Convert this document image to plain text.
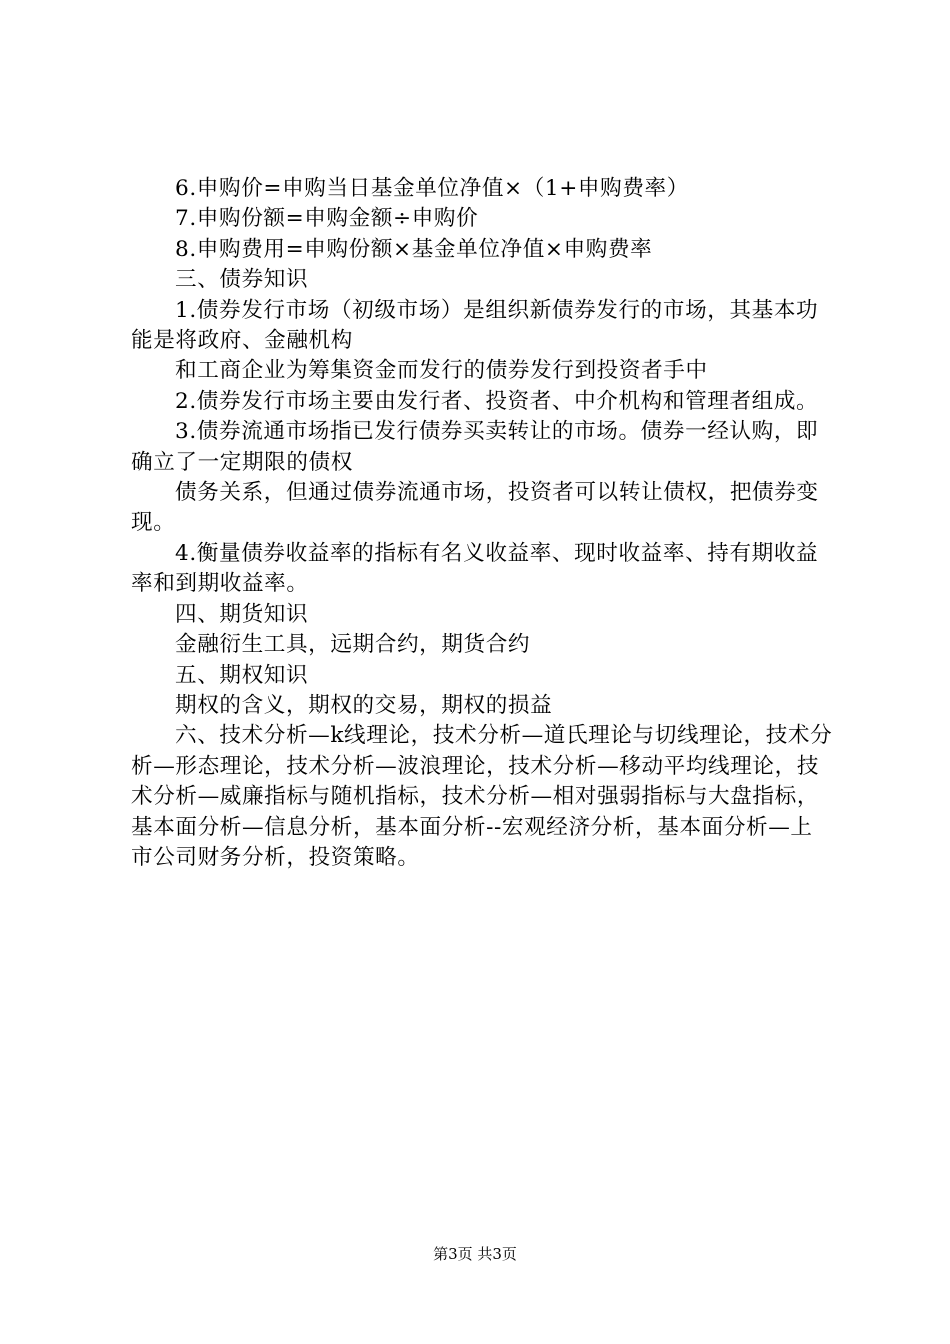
6.申购价=申购当日基金单位净值×（1+申购费率）

7.申购份额=申购金额÷申购价

8.申购费用=申购份额×基金单位净值×申购费率

三、债券知识

1.债券发行市场（初级市场）是组织新债券发行的市场，其基本功能是将政府、金融机构

和工商企业为筹集资金而发行的债券发行到投资者手中

2.债券发行市场主要由发行者、投资者、中介机构和管理者组成。

3.债券流通市场指已发行债券买卖转让的市场。债券一经认购，即确立了一定期限的债权

债务关系，但通过债券流通市场，投资者可以转让债权，把债券变现。

4.衡量债券收益率的指标有名义收益率、现时收益率、持有期收益率和到期收益率。

四、期货知识

金融衍生工具，远期合约，期货合约

五、期权知识

期权的含义，期权的交易，期权的损益

六、技术分析—k线理论，技术分析—道氏理论与切线理论，技术分析—形态理论，技术分析—波浪理论，技术分析—移动平均线理论，技术分析—威廉指标与随机指标，技术分析—相对强弱指标与大盘指标，基本面分析—信息分析，基本面分析--宏观经济分析，基本面分析—上市公司财务分析，投资策略。

第3页 共3页
